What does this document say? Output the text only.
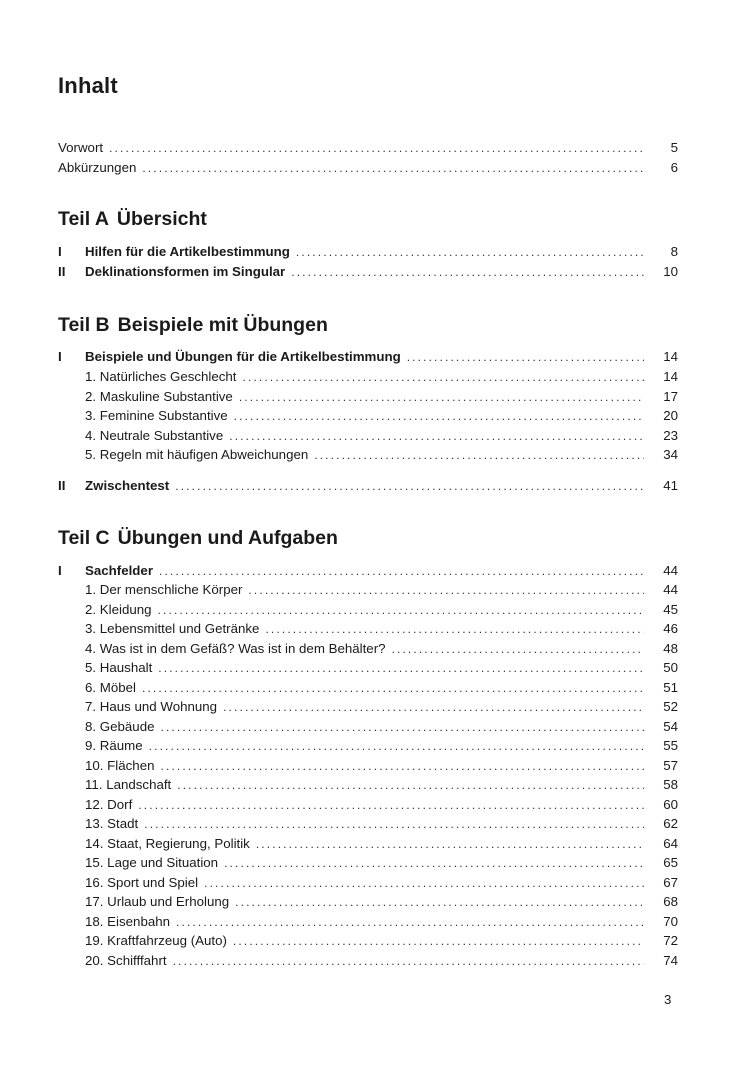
Inhalt
Vorwort . . .	5
Abkürzungen . . .	6
Teil A Übersicht
I	Hilfen für die Artikelbestimmung . . .	8
II	Deklinationsformen im Singular . . .	10
Teil B Beispiele mit Übungen
I	Beispiele und Übungen für die Artikelbestimmung . . .	14
1. Natürliches Geschlecht . . .	14
2. Maskuline Substantive . . .	17
3. Feminine Substantive . . .	20
4. Neutrale Substantive . . .	23
5. Regeln mit häufigen Abweichungen . . .	34
II	Zwischentest . . .	41
Teil C Übungen und Aufgaben
I	Sachfelder . . .	44
1. Der menschliche Körper . . .	44
2. Kleidung . . .	45
3. Lebensmittel und Getränke . . .	46
4. Was ist in dem Gefäß? Was ist in dem Behälter? . . .	48
5. Haushalt . . .	50
6. Möbel . . .	51
7. Haus und Wohnung . . .	52
8. Gebäude . . .	54
9. Räume . . .	55
10. Flächen . . .	57
11. Landschaft . . .	58
12. Dorf . . .	60
13. Stadt . . .	62
14. Staat, Regierung, Politik . . .	64
15. Lage und Situation . . .	65
16. Sport und Spiel . . .	67
17. Urlaub und Erholung . . .	68
18. Eisenbahn . . .	70
19. Kraftfahrzeug (Auto) . . .	72
20. Schifffahrt . . .	74
3
